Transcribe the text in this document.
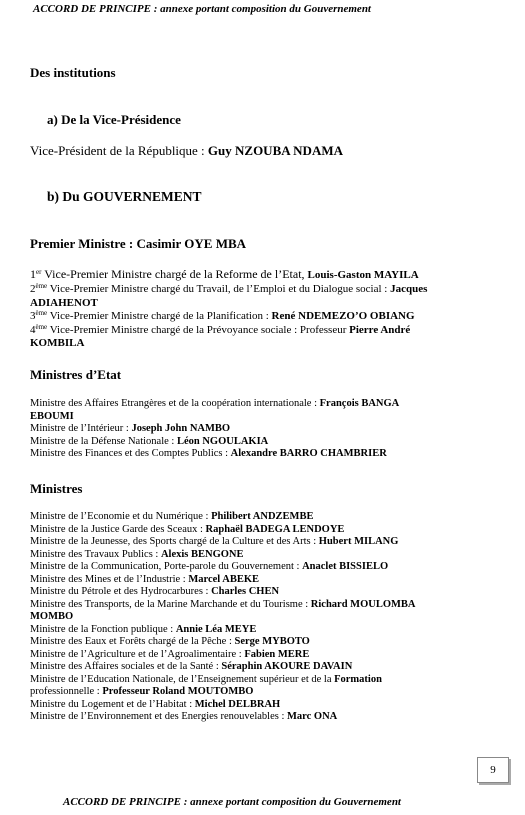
ACCORD DE PRINCIPE : annexe portant composition du Gouvernement
Des institutions
a) De la Vice-Présidence
Vice-Président de la République : Guy NZOUBA NDAMA
b) Du GOUVERNEMENT
Premier Ministre : Casimir OYE MBA
1er Vice-Premier Ministre chargé de la Reforme de l’Etat, Louis-Gaston MAYILA
2ème Vice-Premier Ministre chargé du Travail, de l’Emploi et du Dialogue social : Jacques
ADIAHENOT
3ème Vice-Premier Ministre chargé de la Planification : René NDEMEZO’O OBIANG
4ème Vice-Premier Ministre chargé de la Prévoyance sociale : Professeur Pierre André
KOMBILA
Ministres d’Etat
Ministre des Affaires Etrangères et de la coopération internationale : François BANGA
EBOUMI
Ministre de l’Intérieur : Joseph John NAMBO
Ministre de la Défense Nationale : Léon NGOULAKIA
Ministre des Finances et des Comptes Publics : Alexandre BARRO CHAMBRIER
Ministres
Ministre de l’Economie et du Numérique : Philibert ANDZEMBE
Ministre de la Justice Garde des Sceaux : Raphaël BADEGA LENDOYE
Ministre de la Jeunesse, des Sports chargé de la Culture et des Arts : Hubert MILANG
Ministre des Travaux Publics : Alexis BENGONE
Ministre de la Communication, Porte-parole du Gouvernement : Anaclet BISSIELO
Ministre des Mines et de l’Industrie : Marcel ABEKE
Ministre du Pétrole et des Hydrocarbures : Charles CHEN
Ministre des Transports, de la Marine Marchande et du Tourisme : Richard MOULOMBA
MOMBO
Ministre de la Fonction publique : Annie Léa MEYE
Ministre des Eaux et Forêts chargé de la Pêche : Serge MYBOTO
Ministre de l’Agriculture et de l’Agroalimentaire : Fabien MERE
Ministre des Affaires sociales et de la Santé : Séraphin AKOURE DAVAIN
Ministre de l’Education Nationale, de l’Enseignement supérieur et de la Formation
professionnelle : Professeur Roland MOUTOMBO
Ministre du Logement et de l’Habitat : Michel DELBRAH
Ministre de l’Environnement et des Energies renouvelables : Marc ONA
9
ACCORD DE PRINCIPE : annexe portant composition du Gouvernement
